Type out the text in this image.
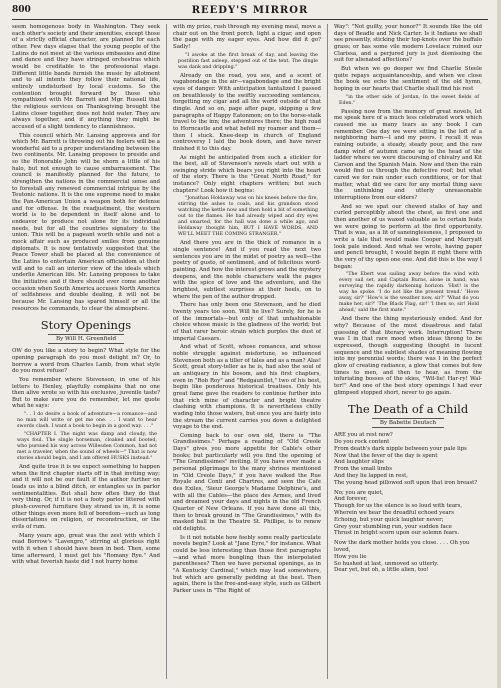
800	REEDY'S MIRROR

seem homogenous body in Washington. They seek each other's society and their amenities, except those of a strictly official character, are planned for each other. Few days elapse that the young people of the Latins do not meet at the various embassies and dine and dance and they have stringed orchestras which would be creditable to the professional stage. Different little bands furnish the music by allotment and to all intents they follow their national life, entirely undisturbed by local customs. So the contention brought forward by those who sympathized with Mr. Barrett and Mgr. Russell that the religious services on Thanksgiving brought the Latins closer together, does not hold water. They are always together, and if anything they might be accused of a slight tendency to clannishness.

This council which Mr. Lansing approves and for which Mr. Barrett is throwing out his feelers will be a wonderful aid to a proper understanding between the two continents. Mr. Lansing proposes to preside and so the Honorable John will be shorn a little of his halo, but not enough to cause embarrassment. The council is manifestly planned for the future, to strengthen the nations in the commercial sense and to forestall any renewed commercial intrigue by the Teutonic nations. It is the one supreme need to make the Pan-American Union a weapon both for defense and for offense. In the readjustment, the western world is to be dependent in itself alone and to endeavor to produce not alone for its individual needs, but for all the countries signatory to the union. This will be a pageant worth while and not a mock affair such as produced smiles from genuine diplomats. It is now tentatively suggested that the Peace Tower shall be placed at the convenience of the Latins to entertain American officialdom at their will and to call an interior view of the ideals which underlie American life. Mr. Lansing proposes to take the initiative and if there should ever come another occasion when South America accuses North America of selfishness and double dealing, it will not be because Mr. Lansing has spared himself or all the resources he commands, to clear the atmosphere.

Story Openings
By Will H. Greenfield

OW do you like a story to begin? What style for the opening paragraph do you most delight in? Or, to borrow a word from Charles Lamb, from what style do you most refuse?

You remember where Stevenson, in one of his letters to Henley, playfully complains that no one then alive wrote so with his exclusive, juvenile taste? But to make sure you do remember, let me quote what he says:

". . I do desire a book of adventure—a romance—and no man will write or get me one. . . I want to hear swords clash. I want a book to begin in a good way. . . ."

"CHAPTER I. The night was damp and cloudy, the ways foul. The single horseman, cloaked and booted, who pursued his way across Willesden Common, had not met a traveler, when the sound of wheels—" That is now stories should begin, and I am offered HUSKS instead."

And quite true it is we expect something to happen when the first chapter starts off in that inviting way; and it will not be our fault if the author further on leads us into a blind ditch, or entangles us in parlor sentimentalities. But shall how often they do that very thing. Or, if it is not a footy parlor littered with plush-covered furniture they strand us in, it is some other things even more fell of boredom—such as long dissertations on religion, or reconstruction, or the evils of rum.

Many years ago, great was the zest with which I read Borrow's "Lavengro," stirring at glorious right with it when I should have been in bed. Then, some time afterward, I must get his "Romany Rye." And with what feverish haste did I not hurry home

with my prize, rush through my evening meal, move a chair out on the front porch, light a cigar, and open the page with my eager eyes. And how did it go? Sadly!

"I awoke at the first break of day, and leaving the postilion fast asleep, stepped out of the tent. The dingle was dank and dripping."

Already on the road, you see, and a scent of vagabondage in the air—vagabondage and the bright eyes of danger. With anticipation tantalized I passed on breathlessly to the swiftly succeeding sentences, forgetting my cigar and all the world outside of that dingle. And so on, page after page, skipping a few paragraphs of Happy Eatonmon; on to the horse-stalk travel to the inn; the adventures there; the high road to Horncastle and what befell my roamer and them—then I stuck. Knee-deep in church of England controversy I laid the book down, and have never finished it to this day.

As might be anticipated from such a stickler for the best, all of Stevenson's novels start out with a swinging stride which bears you right into the heart of the story. There is the "Great North Road," for instance? Only eight chapters written; but such chapters! Look how it begins:

"Jonathan Holdaway was on his knees before the fire, stirring the ashes to coals, and his grandson stood watching the kettle now and then hold a bit of something out to the flames. He had already wiped and dry eyes and smarted, for the hall was done a while ago, and Holdaway thought him, BUT I HAVE WORDS, AND WE'LL MEET THE COMING STRANGER."

And there you are in the thick of romance in a single sentence! And if you read the next two sentences you are in the midst of poetry as well—the poetry of gusto, of sentiment, and of felicitous word-painting. And how the interest grows and the mystery deepens, and the noble characters walk the pages with the spice of love and the adventure, and the brightest, subtlest surprises at their heels, on to where the pen of the author dropped.

There has only been one Stevenson, and he died twenty years too soon. Will he live? Surely, for he is of the immortals—but only of that unfashionable choice whose music is the gladness of the world; but of that rarer heroic strain which purples the dust of imperial Caesars.

And what of Scott, whose romances, and whose noble struggle against misfortune, so influenced Stevenson both as a tiller of tales and as a man? Alas! Scott, great story-teller as he is, had also the soul of an antiquary in his bosom, and his first chapters, even in "Rob Roy" and "Redgauntlet," two of his best, begin like ponderous historical treatises. Only his great fame gave the readers to continue further into that rich mine of character and bright theatre clashing with champions. It is nevertheless chilly wading into those waters, but once you are fairly into the stream the current carries you down a delighted voyage to the end.

Coming back to our own old, there is "The Grandissimes." Perhaps a reading of "Old Creole Days" gives you more appetite for Cable's other books; but particularly will you find the opening of "The Grandissimes" inviting. If you have ever made a personal pilgrimage to the many shrines mentioned in "Old Creole Days," if you have walked the Rue Royale and Conti and Chartres, and seen the Cafe des Exiles, 'Sieur George's Madame Delphine's, and with all the Cables—the place des Armes, and lived and dreamed your days and nights in the old French Quarter of New Orleans. If you have done all this, then to break ground in "The Grandissimes," with its masked ball in the Theatre St. Phillipe, is to renew old delights.

Is it not notable how feebly some really particulate novels begin? Look at "Jane Eyre," for instance. What could be less interesting than those first paragraphs—and what more bungling than the interpolated parentheses? Then we have personal openings, as in "A Kentucky Cardinal," which may lead somewhere, but which are generally pedding at the best. Then again, there is the free-and-easy style, such as Gilbert Parker uses in "The Right of

Way": "Not guilty, your honor?" It sounds like the old days of Beadle and Nick Carter. Is it Indians we shall see presently, sticking their top-knots over the buffalo grass; or has some vile modern Lovelace ruined our Clarissa, and a perjured jury is just dismissing the suit for alienated affections?

But when we go deeper we find Charlie Steele quite repays acquaintanceship, and when we close the book we echo the sentiment of the old hymn, hoping in our hearts that Charlie shall find his rest

"in the other side of Jordan, In the sweet fields of Eden."

Passing now from the memory of great novels, let me speak here of a much less celebrated work which caused me as many tears as any book I can remember. One day we were sitting in the loft of a neighboring barn—I and my peers. I recall it was raining outside, a steady, steady pour, and the raw damp wind of autumn came up to the head of the ladder where we were discoursing of chivalry and Kit Carson and the Spanish Main. Now and then the rain would find us through the defective roof; but what cared we for rain under such conditions, or for that matter, what did we care for any mortal thing save the unthinking and utterly unreasonable interruptions from our elders?

And so we spat our chewed stalks of hay and curled perceptibly about the chest, as first one and then another of us waxed valuable as to certain feats we were going to perform at the first opportunity. That is was, as a lit of saneinglessness, I proposed to write a tale that would make Cooper and Marryatt look pale indeed. And what we wrote, having paper and pencil brought, I would begin it right there with the very of thy open one one. And did this is the way I began:

"The Ebert was sailing away before the wind with every sail set, and Captain Burns, alone in hand, was surveying the rapidly darkening horizon. 'Hist! is the way he spoke. 'I do not like the present trend.' 'Hove away, sir?' 'How's is the weather now, sir?' 'What do you make her, sir?' 'The Black Flag, sir!' 'I then so, sir! Hold ahead,' said the first mate."

And there the thing mysteriously ended. And for why? Because of the most disastrous and fatal guessing of that literary work. Interruption! There was I in that rare mood when ideas throng to be expressed, though suggesting thought in lucent sequence and the subtlest shades of meaning flowing into my perennial words; there was I in the perfect glow of creating radiance, a glow that comes but few times to men, and then to hear, as from the infuriating bosses of the skies, "Wil-lie! Har-ry! Wal-ter!" And one of the best story openings I had ever glimpsed stopped short, never to go again.

The Death of a Child
By Babette Deutsch
ARE you at rest now?
Do you rock content
From death's dark nipple between your pale lips
Now that the fever of the day is spent
And laughter slips
From the small limbs
And they lie lapped in rest,
The young head pillowed soft upon that iron breast?
No; you are quiet,
And forever,
Though for us the silence is so loud with tears,
Wherein we hear the dreadful echoed years
Echoing, but your quick laughter never;
Grey your stumbling run, your sudden face
Thrust in bright scorn upon our solemn fears.
Now the dark mother holds you close. . . . Oh you loved,
How you lie
So hushed at last, unmoved so utterly.
Dear yet, but oh, a little alien, too!
